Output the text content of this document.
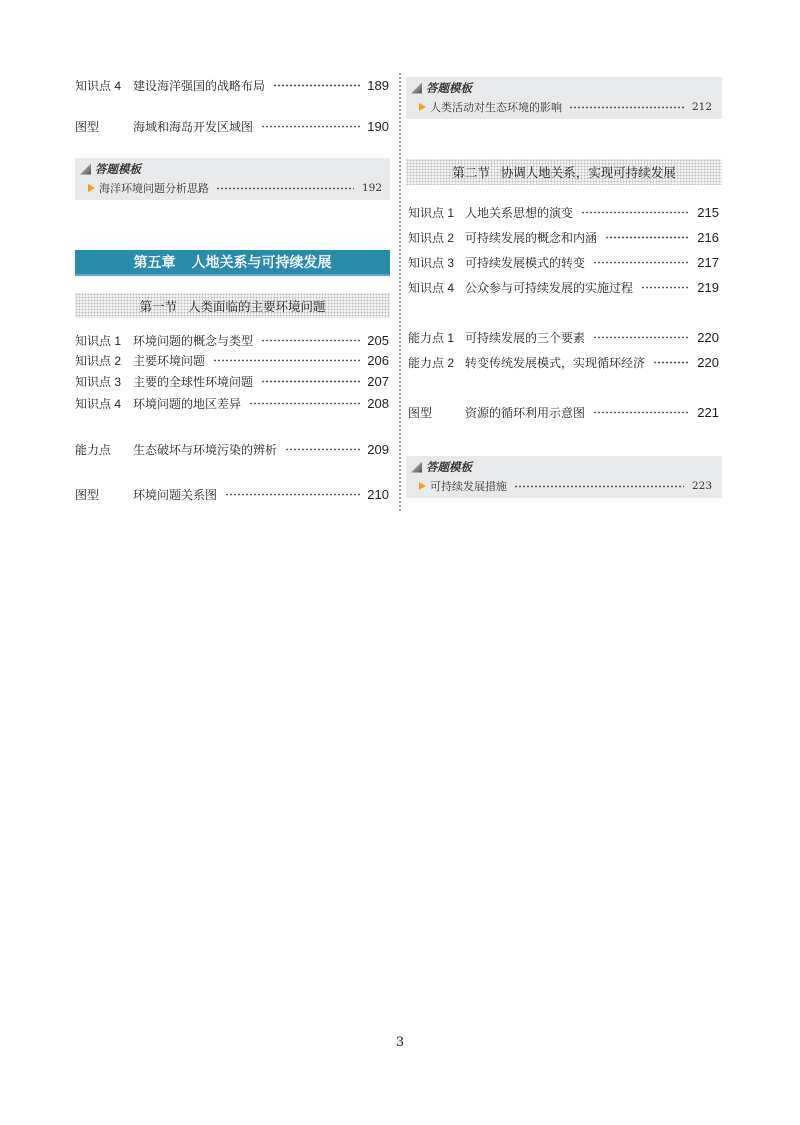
知识点 4 建设海洋强国的战略布局	189
图型	海域和海岛开发区域图	190
答题模板
海洋环境问题分析思路	192
第五章 人地关系与可持续发展
第一节 人类面临的主要环境问题
知识点 1 环境问题的概念与类型	205
知识点 2 主要环境问题	206
知识点 3 主要的全球性环境问题	207
知识点 4 环境问题的地区差异	208
能力点	生态破坏与环境污染的辨析	209
图型	环境问题关系图	210
答题模板
人类活动对生态环境的影响	212
第二节 协调人地关系，实现可持续发展
知识点 1 人地关系思想的演变	215
知识点 2 可持续发展的概念和内涵	216
知识点 3 可持续发展模式的转变	217
知识点 4 公众参与可持续发展的实施过程	219
能力点 1 可持续发展的三个要素	220
能力点 2 转变传统发展模式，实现循环经济	220
图型	资源的循环利用示意图	221
答题模板
可持续发展措施	223
3
